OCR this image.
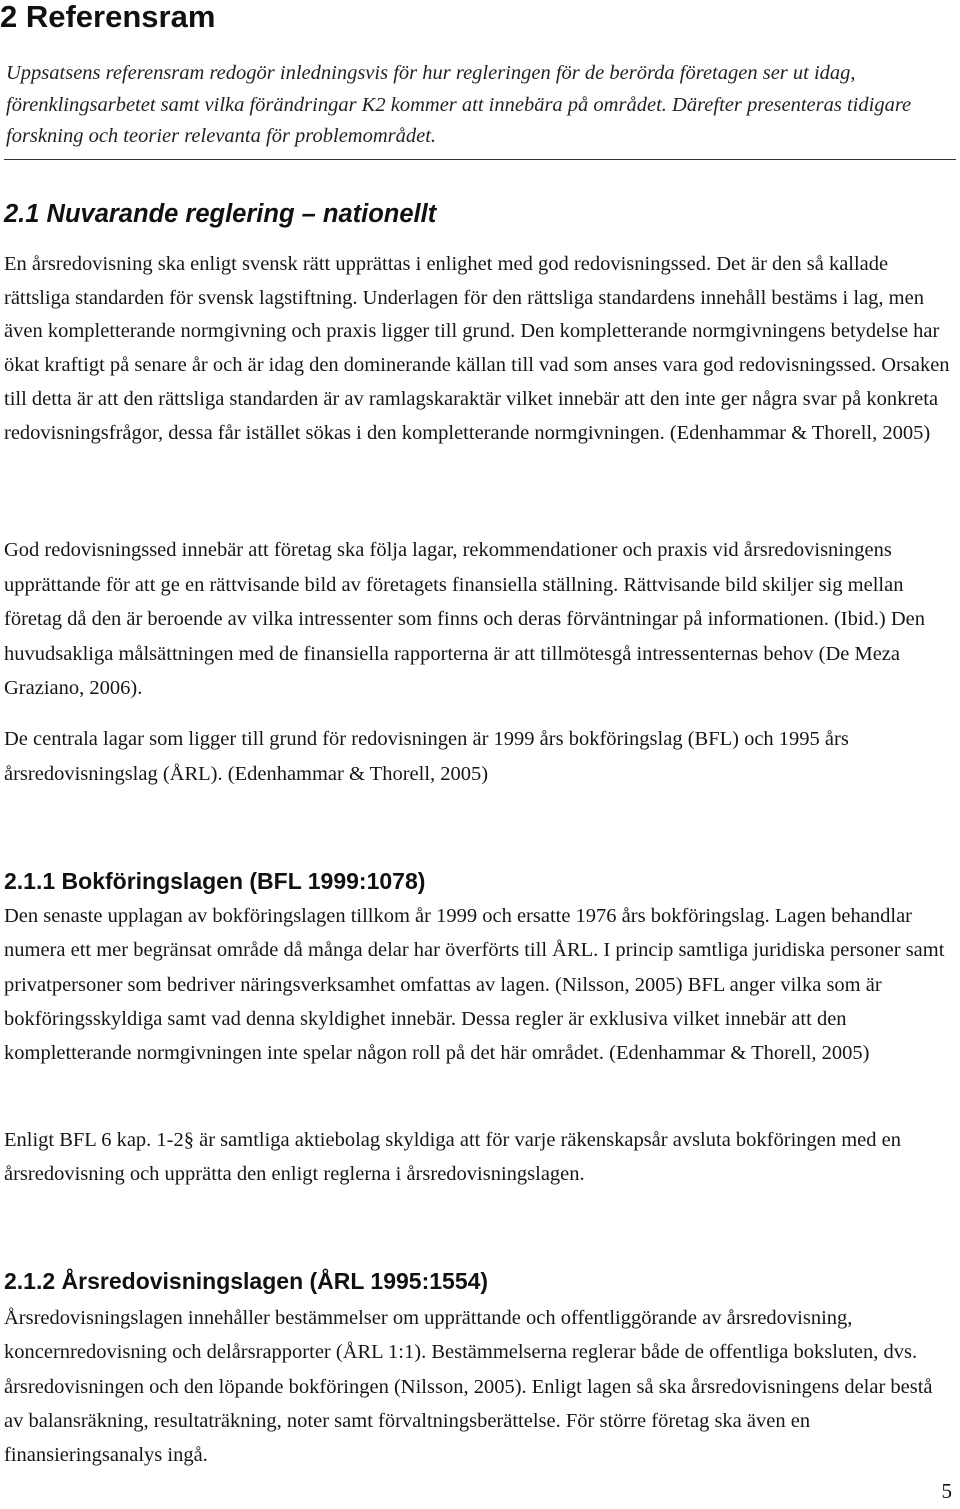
2 Referensram

Uppsatsens referensram redogör inledningsvis för hur regleringen för de berörda företagen ser ut idag, förenklingsarbetet samt vilka förändringar K2 kommer att innebära på området. Därefter presenteras tidigare forskning och teorier relevanta för problemområdet.

2.1 Nuvarande reglering – nationellt

En årsredovisning ska enligt svensk rätt upprättas i enlighet med god redovisningssed. Det är den så kallade rättsliga standarden för svensk lagstiftning. Underlagen för den rättsliga standardens innehåll bestäms i lag, men även kompletterande normgivning och praxis ligger till grund. Den kompletterande normgivningens betydelse har ökat kraftigt på senare år och är idag den dominerande källan till vad som anses vara god redovisningssed. Orsaken till detta är att den rättsliga standarden är av ramlagskaraktär vilket innebär att den inte ger några svar på konkreta redovisningsfrågor, dessa får istället sökas i den kompletterande normgivningen. (Edenhammar & Thorell, 2005)

God redovisningssed innebär att företag ska följa lagar, rekommendationer och praxis vid årsredovisningens upprättande för att ge en rättvisande bild av företagets finansiella ställning. Rättvisande bild skiljer sig mellan företag då den är beroende av vilka intressenter som finns och deras förväntningar på informationen. (Ibid.) Den huvudsakliga målsättningen med de finansiella rapporterna är att tillmötesgå intressenternas behov (De Meza Graziano, 2006).

De centrala lagar som ligger till grund för redovisningen är 1999 års bokföringslag (BFL) och 1995 års årsredovisningslag (ÅRL). (Edenhammar & Thorell, 2005)

2.1.1 Bokföringslagen (BFL 1999:1078)

Den senaste upplagan av bokföringslagen tillkom år 1999 och ersatte 1976 års bokföringslag. Lagen behandlar numera ett mer begränsat område då många delar har överförts till ÅRL. I princip samtliga juridiska personer samt privatpersoner som bedriver näringsverksamhet omfattas av lagen. (Nilsson, 2005) BFL anger vilka som är bokföringsskyldiga samt vad denna skyldighet innebär. Dessa regler är exklusiva vilket innebär att den kompletterande normgivningen inte spelar någon roll på det här området. (Edenhammar & Thorell, 2005)

Enligt BFL 6 kap. 1-2§ är samtliga aktiebolag skyldiga att för varje räkenskapsår avsluta bokföringen med en årsredovisning och upprätta den enligt reglerna i årsredovisningslagen.

2.1.2 Årsredovisningslagen (ÅRL 1995:1554)

Årsredovisningslagen innehåller bestämmelser om upprättande och offentliggörande av årsredovisning, koncernredovisning och delårsrapporter (ÅRL 1:1). Bestämmelserna reglerar både de offentliga boksluten, dvs. årsredovisningen och den löpande bokföringen (Nilsson, 2005). Enligt lagen så ska årsredovisningens delar bestå av balansräkning, resultaträkning, noter samt förvaltningsberättelse. För större företag ska även en finansieringsanalys ingå.

5
